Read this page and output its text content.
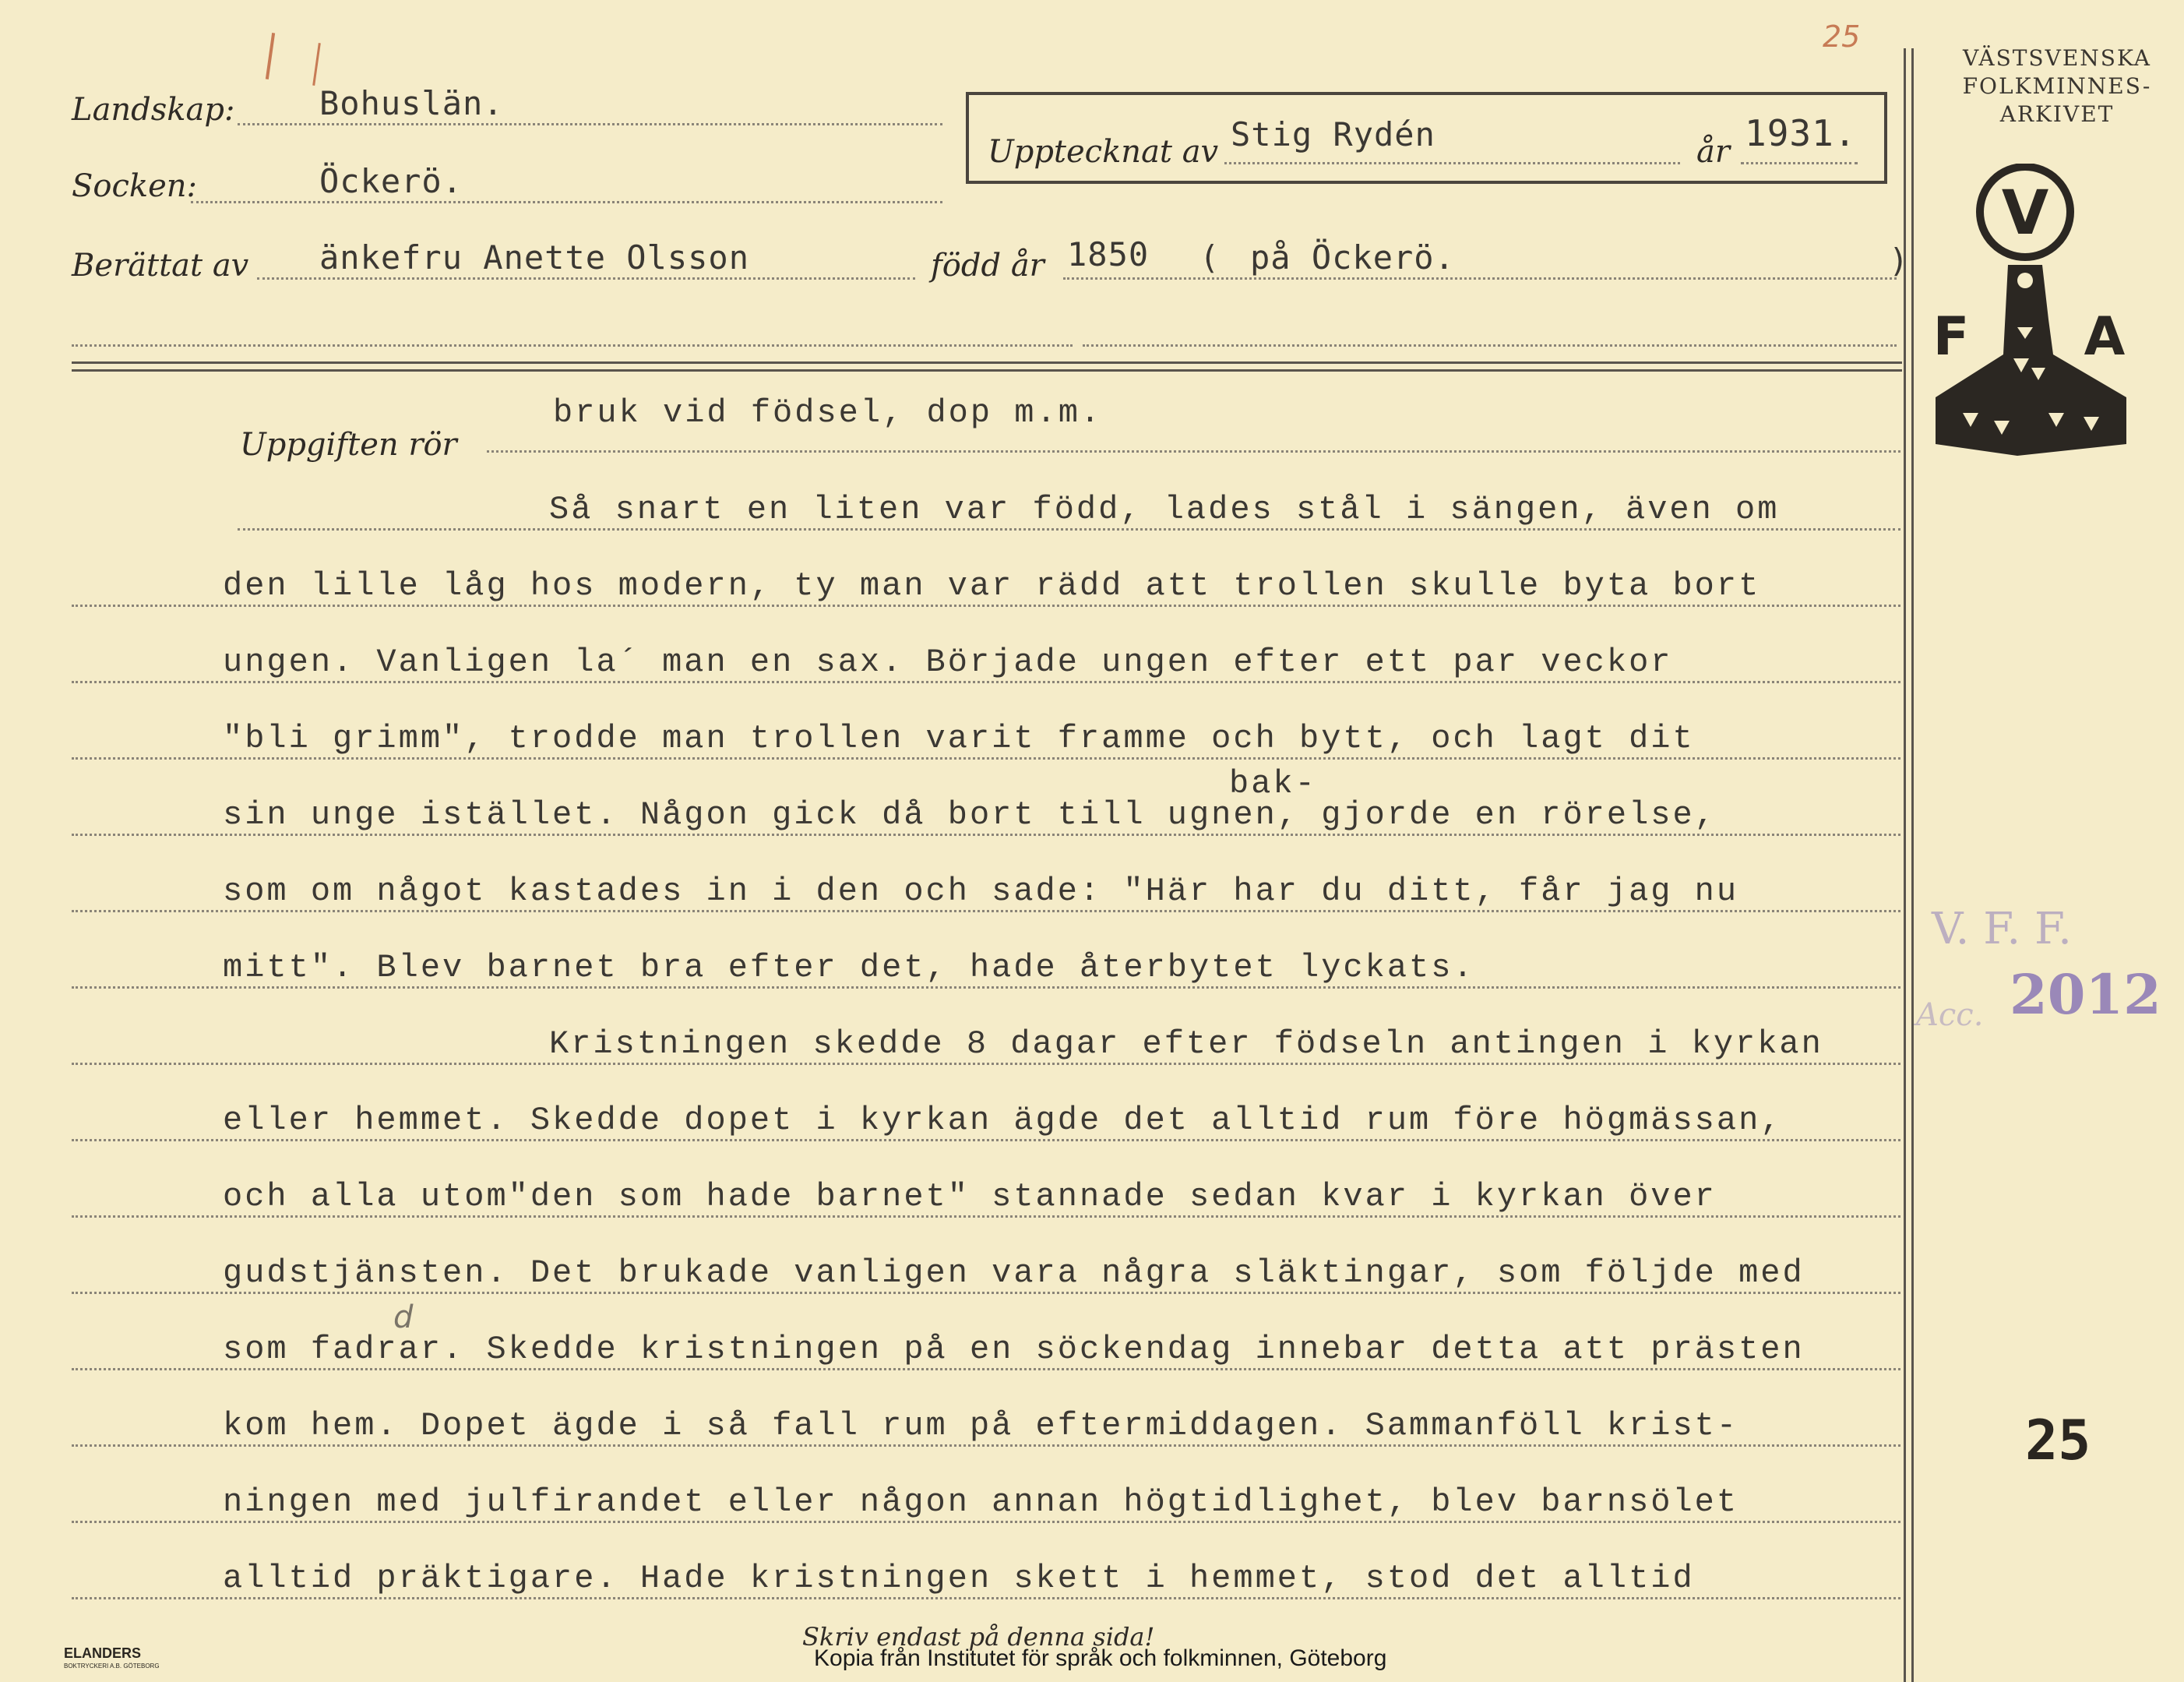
25
Landskap:	Bohuslän.
Socken:	Öckerö.
Upptecknat av Stig Rydén	år 1931.
Berättat av änkefru Anette Olsson	född år 1850 ( på Öckerö.	)
VÄSTSVENSKA
FOLKMINNES-
ARKIVET
V
F A
Uppgiften rör
bruk vid födsel, dop m.m.
Så snart en liten var född, lades stål i sängen, även om
den lille låg hos modern, ty man var rädd att trollen skulle byta bort
ungen. Vanligen la´ man en sax. Började ungen efter ett par veckor
"bli grimm", trodde man trollen varit framme och bytt, och lagt dit
bak-
sin unge istället. Någon gick då bort till ugnen, gjorde en rörelse,
som om något kastades in i den och sade: "Här har du ditt, får jag nu
mitt". Blev barnet bra efter det, hade återbytet lyckats.
Kristningen skedde 8 dagar efter födseln antingen i kyrkan
eller hemmet. Skedde dopet i kyrkan ägde det alltid rum före högmässan,
och alla utom"den som hade barnet" stannade sedan kvar i kyrkan över
gudstjänsten. Det brukade vanligen vara några släktingar, som följde med
d
som fadrar. Skedde kristningen på en söckendag innebar detta att prästen
kom hem. Dopet ägde i så fall rum på eftermiddagen. Sammanföll krist-
ningen med julfirandet eller någon annan högtidlighet, blev barnsölet
alltid präktigare. Hade kristningen skett i hemmet, stod det alltid
V. F. F.
Acc. 2012
25
Skriv endast på denna sida!
Kopia från Institutet för språk och folkminnen, Göteborg
ELANDERS
BOKTRYCKERI A.B. GÖTEBORG
